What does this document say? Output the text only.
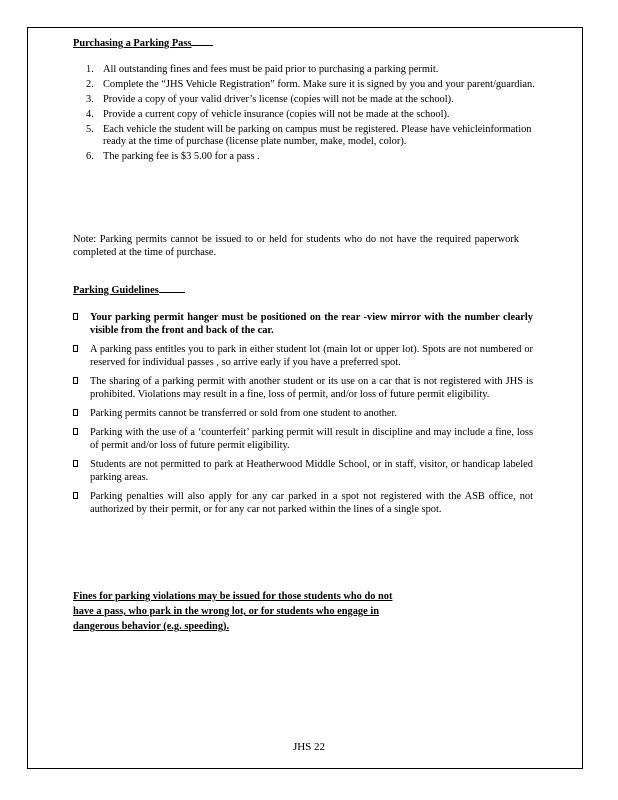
Purchasing a Parking Pass
1. All outstanding fines and fees must be paid prior to purchasing a parking permit.
2. Complete the “JHS Vehicle Registration” form. Make sure it is signed by you and your parent/guardian.
3. Provide a copy of your valid driver’s license (copies will not be made at the school).
4. Provide a current copy of vehicle insurance (copies will not be made at the school).
5. Each vehicle the student will be parking on campus must be registered. Please have vehicleinformation ready at the time of purchase (license plate number, make, model, color).
6. The parking fee is $3 5.00 for a pass .
Note: Parking permits cannot be issued to or held for students who do not have the required paperwork completed at the time of purchase.
Parking Guidelines
Your parking permit hanger must be positioned on the rear -view mirror with the number clearly visible from the front and back of the car.
A parking pass entitles you to park in either student lot (main lot or upper lot). Spots are not numbered or reserved for individual passes , so arrive early if you have a preferred spot.
The sharing of a parking permit with another student or its use on a car that is not registered with JHS is prohibited. Violations may result in a fine, loss of permit, and/or loss of future permit eligibility.
Parking permits cannot be transferred or sold from one student to another.
Parking with the use of a ‘counterfeit’ parking permit will result in discipline and may include a fine, loss of permit and/or loss of future permit eligibility.
Students are not permitted to park at Heatherwood Middle School, or in staff, visitor, or handicap labeled parking areas.
Parking penalties will also apply for any car parked in a spot not registered with the ASB office, not authorized by their permit, or for any car not parked within the lines of a single spot.
Fines for parking violations may be issued for those students who do not
have a pass, who park in the wrong lot, or for students who engage in
dangerous behavior (e.g. speeding).
JHS 22
